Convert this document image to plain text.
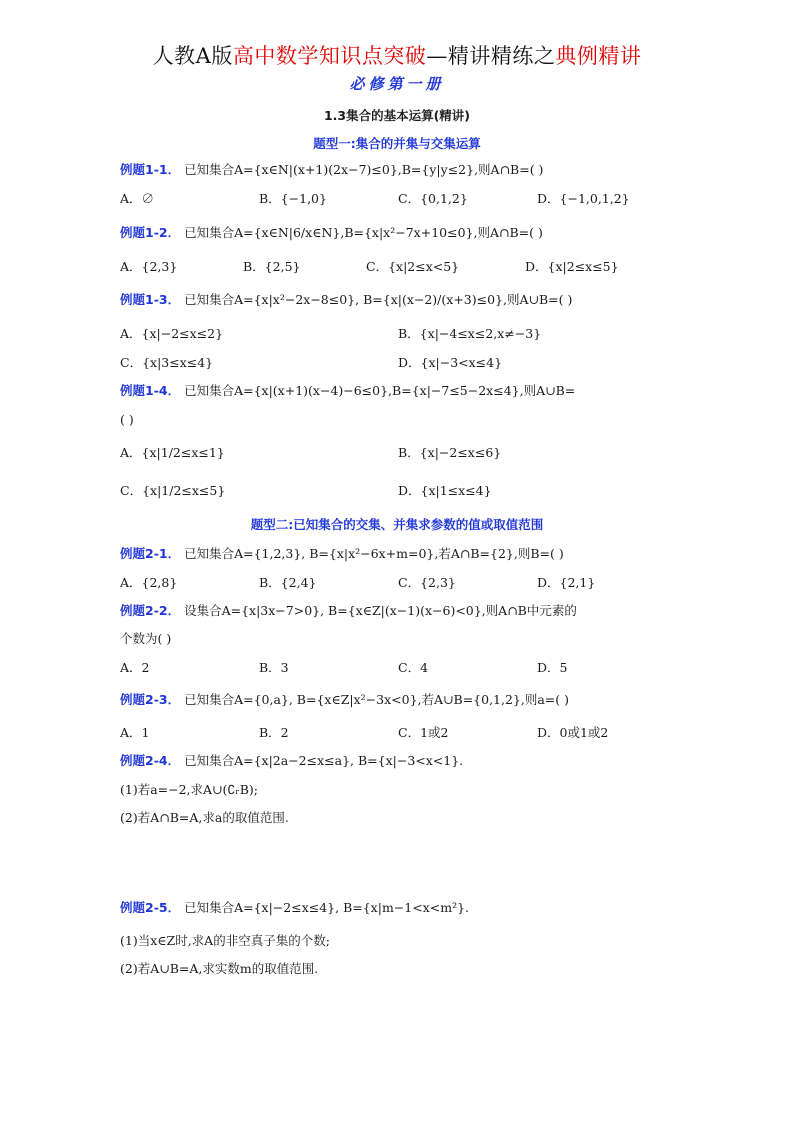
人教A版高中数学知识点突破—精讲精练之典例精讲
必修第一册
1.3集合的基本运算(精讲)
题型一:集合的并集与交集运算
例题1-1． 已知集合A={x∈N|(x+1)(2x−7)≤0},B={y|y≤2},则A∩B=( )
A．∅	B．{−1,0}	C．{0,1,2}	D．{−1,0,1,2}
例题1-2． 已知集合A={x∈N|6/x∈N},B={x|x²−7x+10≤0},则A∩B=( )
A．{2,3}	B．{2,5}	C．{x|2≤x<5}	D．{x|2≤x≤5}
例题1-3． 已知集合A={x|x²−2x−8≤0}, B={x|(x−2)/(x+3)≤0},则A∪B=( )
A．{x|−2≤x≤2}	B．{x|−4≤x≤2,x≠−3}
C．{x|3≤x≤4}	D．{x|−3<x≤4}
例题1-4． 已知集合A={x|(x+1)(x−4)−6≤0},B={x|−7≤5−2x≤4},则A∪B=
( )
A．{x|1/2≤x≤1}	B．{x|−2≤x≤6}
C．{x|1/2≤x≤5}	D．{x|1≤x≤4}
题型二:已知集合的交集、并集求参数的值或取值范围
例题2-1． 已知集合A={1,2,3}, B={x|x²−6x+m=0},若A∩B={2},则B=( )
A．{2,8}	B．{2,4}	C．{2,3}	D．{2,1}
例题2-2． 设集合A={x|3x−7>0}, B={x∈Z|(x−1)(x−6)<0},则A∩B中元素的
个数为( )
A．2	B．3	C．4	D．5
例题2-3． 已知集合A={0,a}, B={x∈Z|x²−3x<0},若A∪B={0,1,2},则a=( )
A．1	B．2	C．1或2	D．0或1或2
例题2-4． 已知集合A={x|2a−2≤x≤a}, B={x|−3<x<1}.
(1)若a=−2,求A∪(∁ᵣB);
(2)若A∩B=A,求a的取值范围.
例题2-5． 已知集合A={x|−2≤x≤4}, B={x|m−1<x<m²}.
(1)当x∈Z时,求A的非空真子集的个数;
(2)若A∪B=A,求实数m的取值范围.
